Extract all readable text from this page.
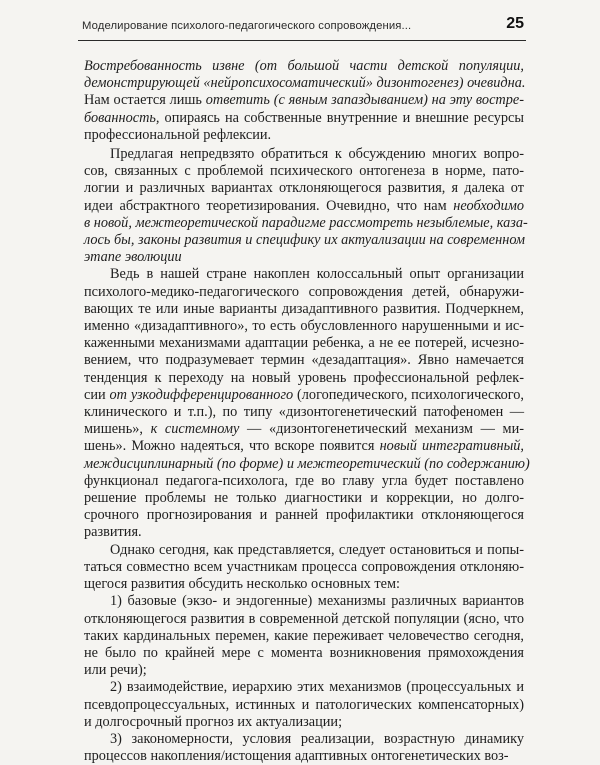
Моделирование психолого-педагогического сопровождения...	25

Востребованность извне (от большой части детской популяции,
демонстрирующей «нейропсихосоматический» дизонтогенез) очевидна.
Нам остается лишь ответить (с явным запаздыванием) на эту востре-
бованность, опираясь на собственные внутренние и внешние ресурсы
профессиональной рефлексии.

Предлагая непредвзято обратиться к обсуждению многих вопро-
сов, связанных с проблемой психического онтогенеза в норме, пато-
логии и различных вариантах отклоняющегося развития, я далека от
идеи абстрактного теоретизирования. Очевидно, что нам необходимо
в новой, межтеоретической парадигме рассмотреть незыблемые, каза-
лось бы, законы развития и специфику их актуализации на современном
этапе эволюции

Ведь в нашей стране накоплен колоссальный опыт организации
психолого-медико-педагогического сопровождения детей, обнаружи-
вающих те или иные варианты дизадаптивного развития. Подчеркнем,
именно «дизадаптивного», то есть обусловленного нарушенными и ис-
каженными механизмами адаптации ребенка, а не ее потерей, исчезно-
вением, что подразумевает термин «дезадаптация». Явно намечается
тенденция к переходу на новый уровень профессиональной рефлек-
сии от узкодифференцированного (логопедического, психологического,
клинического и т.п.), по типу «дизонтогенетический патофеномен —
мишень», к системному — «дизонтогенетический механизм — ми-
шень». Можно надеяться, что вскоре появится новый интегративный,
междисциплинарный (по форме) и межтеоретический (по содержанию)
функционал педагога-психолога, где во главу угла будет поставлено
решение проблемы не только диагностики и коррекции, но долго-
срочного прогнозирования и ранней профилактики отклоняющегося
развития.

Однако сегодня, как представляется, следует остановиться и попы-
таться совместно всем участникам процесса сопровождения отклоняю-
щегося развития обсудить несколько основных тем:

1) базовые (экзо- и эндогенные) механизмы различных вариантов
отклоняющегося развития в современной детской популяции (ясно, что
таких кардинальных перемен, какие переживает человечество сегодня,
не было по крайней мере с момента возникновения прямохождения
или речи);

2) взаимодействие, иерархию этих механизмов (процессуальных и
псевдопроцессуальных, истинных и патологических компенсаторных)
и долгосрочный прогноз их актуализации;

3) закономерности, условия реализации, возрастную динамику
процессов накопления/истощения адаптивных онтогенетических воз-
